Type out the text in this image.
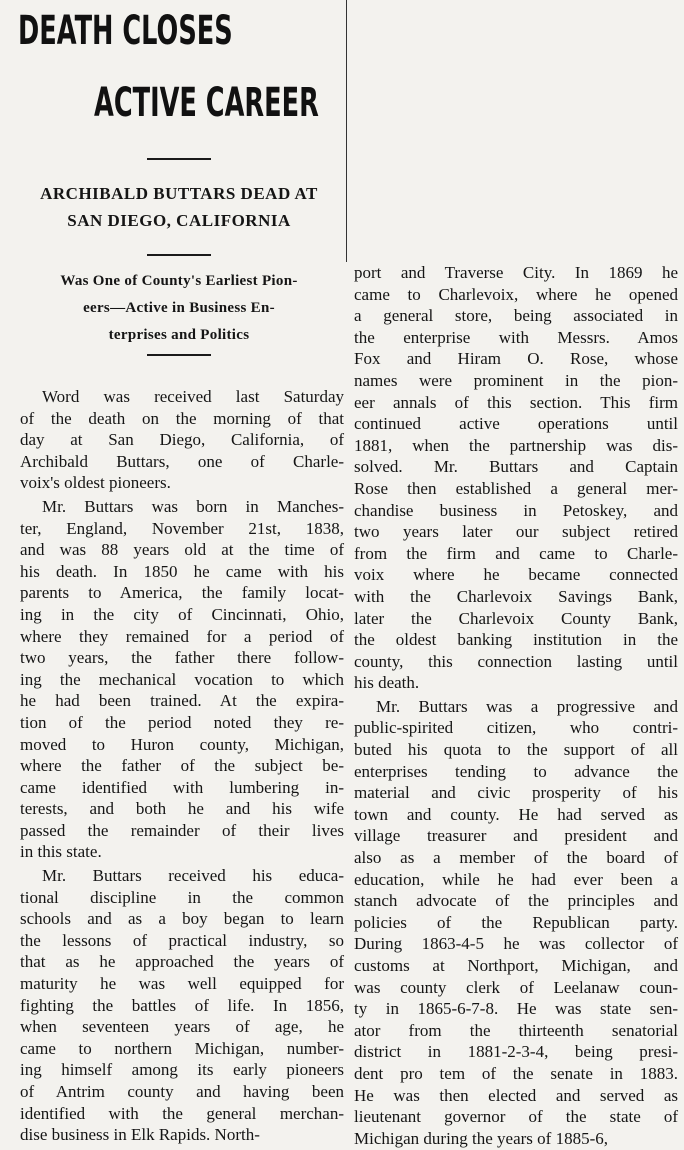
DEATH CLOSES
ACTIVE CAREER
ARCHIBALD BUTTARS DEAD AT
SAN DIEGO, CALIFORNIA
Was One of County's Earliest Pion-
eers—Active in Business En-
terprises and Politics
Word was received last Saturday
of the death on the morning of that
day at San Diego, California, of
Archibald Buttars, one of Charle-
voix's oldest pioneers.
Mr. Buttars was born in Manches-
ter, England, November 21st, 1838,
and was 88 years old at the time of
his death. In 1850 he came with his
parents to America, the family locat-
ing in the city of Cincinnati, Ohio,
where they remained for a period of
two years, the father there follow-
ing the mechanical vocation to which
he had been trained. At the expira-
tion of the period noted they re-
moved to Huron county, Michigan,
where the father of the subject be-
came identified with lumbering in-
terests, and both he and his wife
passed the remainder of their lives
in this state.
Mr. Buttars received his educa-
tional discipline in the common
schools and as a boy began to learn
the lessons of practical industry, so
that as he approached the years of
maturity he was well equipped for
fighting the battles of life. In 1856,
when seventeen years of age, he
came to northern Michigan, number-
ing himself among its early pioneers
of Antrim county and having been
identified with the general merchan-
dise business in Elk Rapids. North-
port and Traverse City. In 1869 he
came to Charlevoix, where he opened
a general store, being associated in
the enterprise with Messrs. Amos
Fox and Hiram O. Rose, whose
names were prominent in the pion-
eer annals of this section. This firm
continued active operations until
1881, when the partnership was dis-
solved. Mr. Buttars and Captain
Rose then established a general mer-
chandise business in Petoskey, and
two years later our subject retired
from the firm and came to Charle-
voix where he became connected
with the Charlevoix Savings Bank,
later the Charlevoix County Bank,
the oldest banking institution in the
county, this connection lasting until
his death.
Mr. Buttars was a progressive and
public-spirited citizen, who contri-
buted his quota to the support of all
enterprises tending to advance the
material and civic prosperity of his
town and county. He had served as
village treasurer and president and
also as a member of the board of
education, while he had ever been a
stanch advocate of the principles and
policies of the Republican party.
During 1863-4-5 he was collector of
customs at Northport, Michigan, and
was county clerk of Leelanaw coun-
ty in 1865-6-7-8. He was state sen-
ator from the thirteenth senatorial
district in 1881-2-3-4, being presi-
dent pro tem of the senate in 1883.
He was then elected and served as
lieutenant governor of the state of
Michigan during the years of 1885-6,
